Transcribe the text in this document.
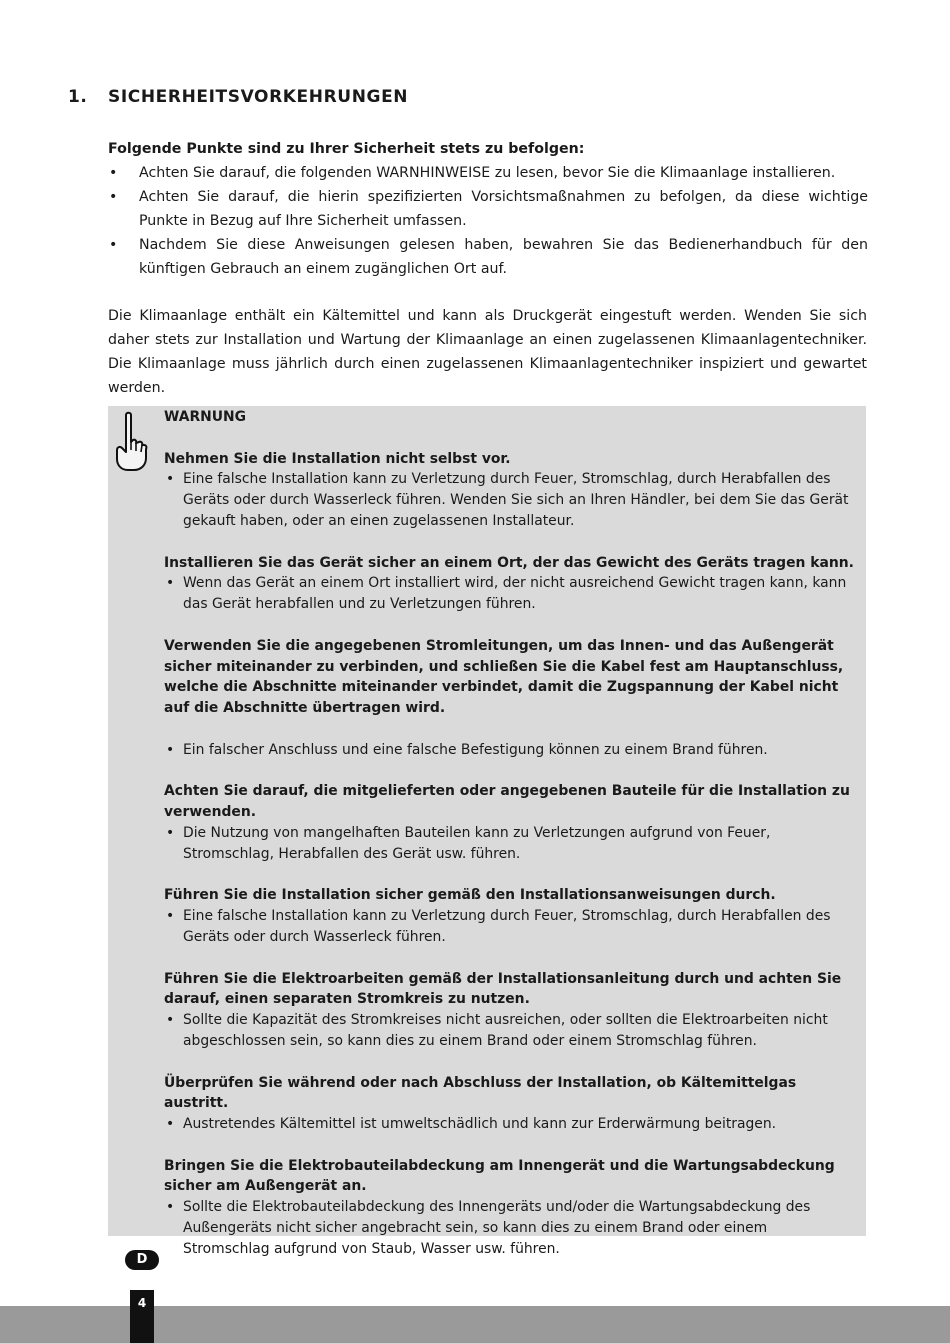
1. SICHERHEITSVORKEHRUNGEN
Folgende Punkte sind zu Ihrer Sicherheit stets zu befolgen:
• Achten Sie darauf, die folgenden WARNHINWEISE zu lesen, bevor Sie die Klimaanlage installieren.
• Achten Sie darauf, die hierin spezifizierten Vorsichtsmaßnahmen zu befolgen, da diese wichtige Punkte in Bezug auf Ihre Sicherheit umfassen.
• Nachdem Sie diese Anweisungen gelesen haben, bewahren Sie das Bedienerhandbuch für den künftigen Gebrauch an einem zugänglichen Ort auf.
Die Klimaanlage enthält ein Kältemittel und kann als Druckgerät eingestuft werden. Wenden Sie sich daher stets zur Installation und Wartung der Klimaanlage an einen zugelassenen Klimaanlagentechniker. Die Klimaanlage muss jährlich durch einen zugelassenen Klimaanlagentechniker inspiziert und gewartet werden.
WARNUNG
Nehmen Sie die Installation nicht selbst vor.
• Eine falsche Installation kann zu Verletzung durch Feuer, Stromschlag, durch Herabfallen des Geräts oder durch Wasserleck führen. Wenden Sie sich an Ihren Händler, bei dem Sie das Gerät gekauft haben, oder an einen zugelassenen Installateur.
Installieren Sie das Gerät sicher an einem Ort, der das Gewicht des Geräts tragen kann.
• Wenn das Gerät an einem Ort installiert wird, der nicht ausreichend Gewicht tragen kann, kann das Gerät herabfallen und zu Verletzungen führen.
Verwenden Sie die angegebenen Stromleitungen, um das Innen- und das Außengerät sicher miteinander zu verbinden, und schließen Sie die Kabel fest am Hauptanschluss, welche die Abschnitte miteinander verbindet, damit die Zugspannung der Kabel nicht auf die Abschnitte übertragen wird.
• Ein falscher Anschluss und eine falsche Befestigung können zu einem Brand führen.
Achten Sie darauf, die mitgelieferten oder angegebenen Bauteile für die Installation zu verwenden.
• Die Nutzung von mangelhaften Bauteilen kann zu Verletzungen aufgrund von Feuer, Stromschlag, Herabfallen des Gerät usw. führen.
Führen Sie die Installation sicher gemäß den Installationsanweisungen durch.
• Eine falsche Installation kann zu Verletzung durch Feuer, Stromschlag, durch Herabfallen des Geräts oder durch Wasserleck führen.
Führen Sie die Elektroarbeiten gemäß der Installationsanleitung durch und achten Sie darauf, einen separaten Stromkreis zu nutzen.
• Sollte die Kapazität des Stromkreises nicht ausreichen, oder sollten die Elektroarbeiten nicht abgeschlossen sein, so kann dies zu einem Brand oder einem Stromschlag führen.
Überprüfen Sie während oder nach Abschluss der Installation, ob Kältemittelgas austritt.
• Austretendes Kältemittel ist umweltschädlich und kann zur Erderwärmung beitragen.
Bringen Sie die Elektrobauteilabdeckung am Innengerät und die Wartungsabdeckung sicher am Außengerät an.
• Sollte die Elektrobauteilabdeckung des Innengeräts und/oder die Wartungsabdeckung des Außengeräts nicht sicher angebracht sein, so kann dies zu einem Brand oder einem Stromschlag aufgrund von Staub, Wasser usw. führen.
D
4
